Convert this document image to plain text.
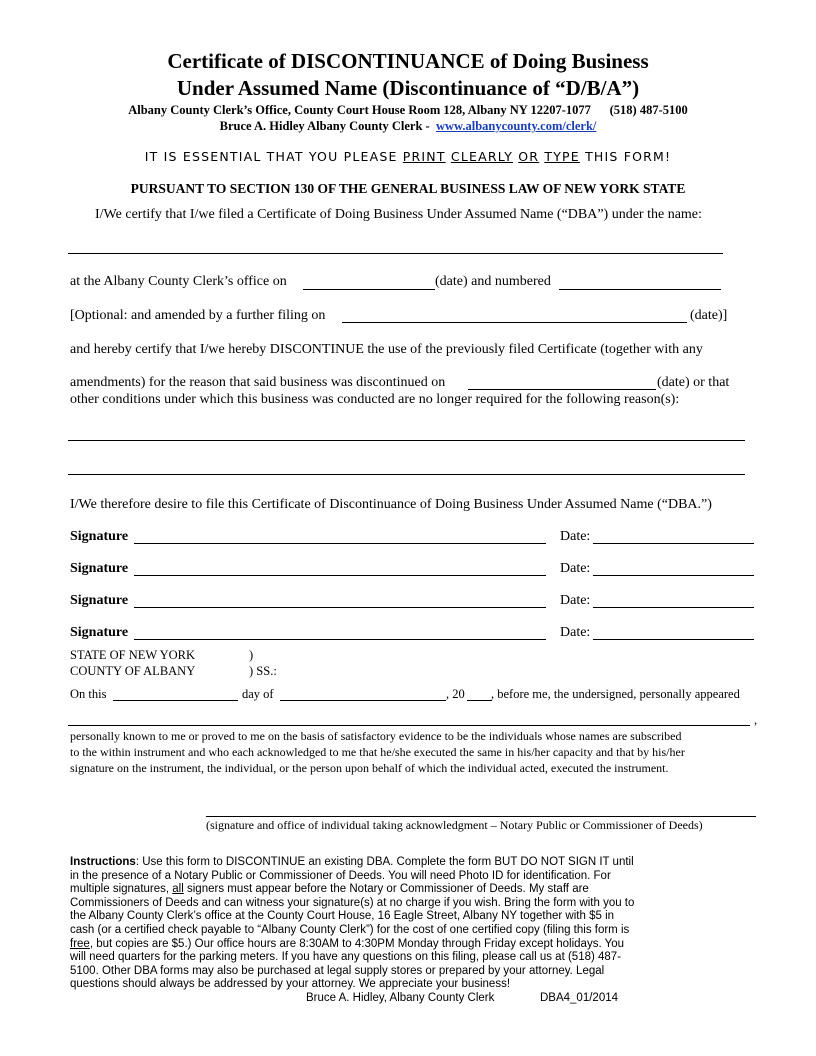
Certificate of DISCONTINUANCE of Doing Business
Under Assumed Name (Discontinuance of “D/B/A”)
Albany County Clerk’s Office, County Court House Room 128, Albany NY 12207-1077 (518) 487-5100
Bruce A. Hidley Albany County Clerk - www.albanycounty.com/clerk/
IT IS ESSENTIAL THAT YOU PLEASE PRINT CLEARLY OR TYPE THIS FORM!
PURSUANT TO SECTION 130 OF THE GENERAL BUSINESS LAW OF NEW YORK STATE
I/We certify that I/we filed a Certificate of Doing Business Under Assumed Name (“DBA”) under the name:
at the Albany County Clerk’s office on	(date) and numbered
[Optional: and amended by a further filing on	(date)]
and hereby certify that I/we hereby DISCONTINUE the use of the previously filed Certificate (together with any
amendments) for the reason that said business was discontinued on	(date) or that
other conditions under which this business was conducted are no longer required for the following reason(s):
I/We therefore desire to file this Certificate of Discontinuance of Doing Business Under Assumed Name (“DBA.”)
Signature	Date:
Signature	Date:
Signature	Date:
Signature	Date:
STATE OF NEW YORK	)
COUNTY OF ALBANY	) SS.:
On this	day of	, 20 , before me, the undersigned, personally appeared
,
personally known to me or proved to me on the basis of satisfactory evidence to be the individuals whose names are subscribed
to the within instrument and who each acknowledged to me that he/she executed the same in his/her capacity and that by his/her
signature on the instrument, the individual, or the person upon behalf of which the individual acted, executed the instrument.
(signature and office of individual taking acknowledgment – Notary Public or Commissioner of Deeds)
Instructions: Use this form to DISCONTINUE an existing DBA. Complete the form BUT DO NOT SIGN IT until in the presence of a Notary Public or Commissioner of Deeds. You will need Photo ID for identification. For multiple signatures, all signers must appear before the Notary or Commissioner of Deeds. My staff are Commissioners of Deeds and can witness your signature(s) at no charge if you wish. Bring the form with you to the Albany County Clerk’s office at the County Court House, 16 Eagle Street, Albany NY together with $5 in cash (or a certified check payable to “Albany County Clerk”) for the cost of one certified copy (filing this form is free, but copies are $5.) Our office hours are 8:30AM to 4:30PM Monday through Friday except holidays. You will need quarters for the parking meters. If you have any questions on this filing, please call us at (518) 487-5100. Other DBA forms may also be purchased at legal supply stores or prepared by your attorney. Legal questions should always be addressed by your attorney. We appreciate your business!
Bruce A. Hidley, Albany County Clerk	DBA4_01/2014
